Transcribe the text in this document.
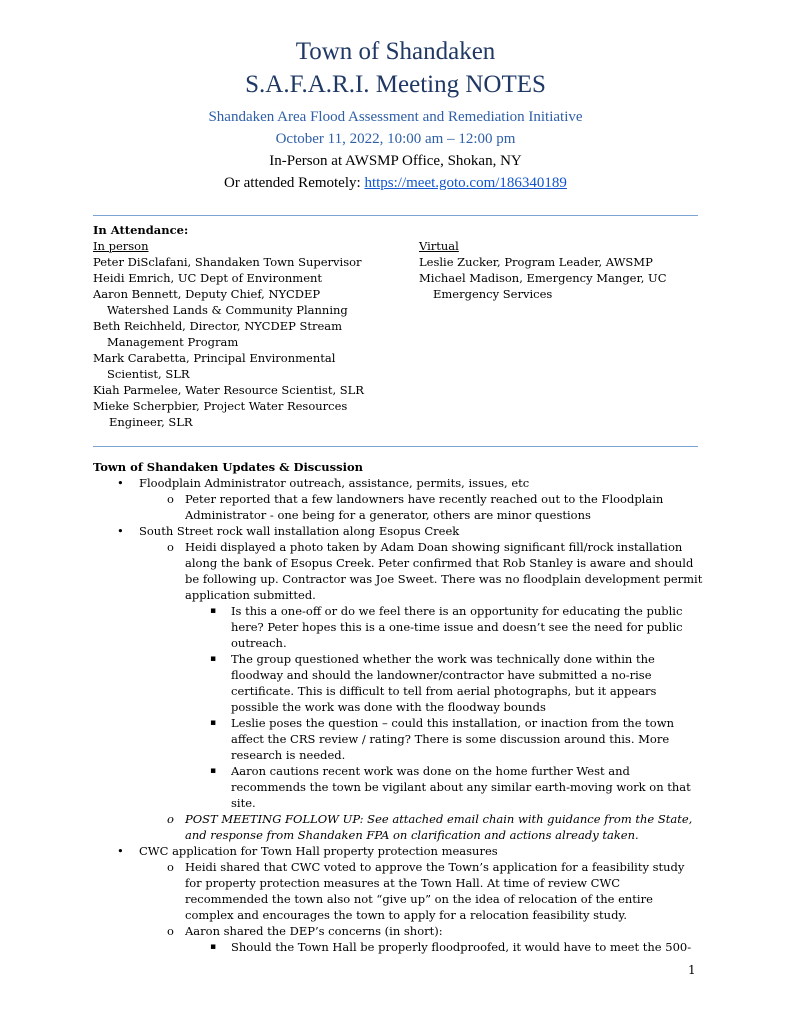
Town of Shandaken
S.A.F.A.R.I. Meeting NOTES
Shandaken Area Flood Assessment and Remediation Initiative
October 11, 2022, 10:00 am – 12:00 pm
In-Person at AWSMP Office, Shokan, NY
Or attended Remotely: https://meet.goto.com/186340189
In Attendance:
In person
Peter DiSclafani, Shandaken Town Supervisor
Heidi Emrich, UC Dept of Environment
Aaron Bennett, Deputy Chief, NYCDEP
Watershed Lands & Community Planning
Beth Reichheld, Director, NYCDEP Stream
Management Program
Mark Carabetta, Principal Environmental
Scientist, SLR
Kiah Parmelee, Water Resource Scientist, SLR
Mieke Scherpbier, Project Water Resources
Engineer, SLR
Virtual
Leslie Zucker, Program Leader, AWSMP
Michael Madison, Emergency Manger, UC
Emergency Services
Town of Shandaken Updates & Discussion
• Floodplain Administrator outreach, assistance, permits, issues, etc
o Peter reported that a few landowners have recently reached out to the Floodplain Administrator - one being for a generator, others are minor questions
• South Street rock wall installation along Esopus Creek
o Heidi displayed a photo taken by Adam Doan showing significant fill/rock installation along the bank of Esopus Creek. Peter confirmed that Rob Stanley is aware and should be following up. Contractor was Joe Sweet. There was no floodplain development permit application submitted.
▪ Is this a one-off or do we feel there is an opportunity for educating the public here? Peter hopes this is a one-time issue and doesn’t see the need for public outreach.
▪ The group questioned whether the work was technically done within the floodway and should the landowner/contractor have submitted a no-rise certificate. This is difficult to tell from aerial photographs, but it appears possible the work was done with the floodway bounds
▪ Leslie poses the question – could this installation, or inaction from the town affect the CRS review / rating? There is some discussion around this. More research is needed.
▪ Aaron cautions recent work was done on the home further West and recommends the town be vigilant about any similar earth-moving work on that site.
o POST MEETING FOLLOW UP: See attached email chain with guidance from the State, and response from Shandaken FPA on clarification and actions already taken.
• CWC application for Town Hall property protection measures
o Heidi shared that CWC voted to approve the Town’s application for a feasibility study for property protection measures at the Town Hall. At time of review CWC recommended the town also not “give up” on the idea of relocation of the entire complex and encourages the town to apply for a relocation feasibility study.
o Aaron shared the DEP’s concerns (in short):
▪ Should the Town Hall be properly floodproofed, it would have to meet the 500-
1
